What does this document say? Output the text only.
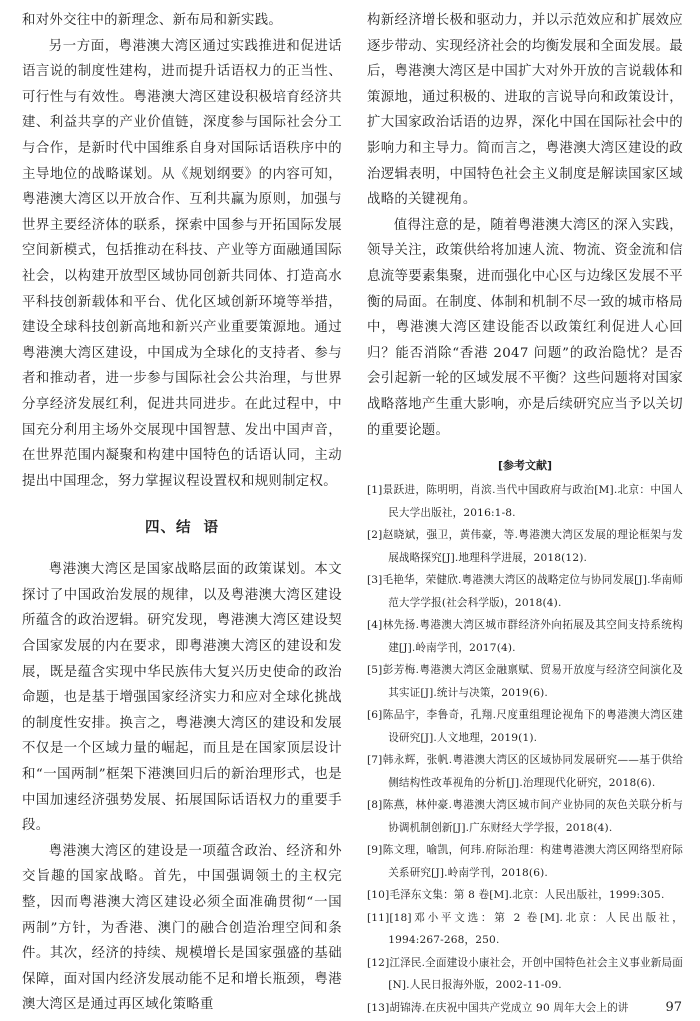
和对外交往中的新理念、新布局和新实践。

另一方面，粤港澳大湾区通过实践推进和促进话语言说的制度性建构，进而提升话语权力的正当性、可行性与有效性。粤港澳大湾区建设积极培育经济共建、利益共享的产业价值链，深度参与国际社会分工与合作，是新时代中国维系自身对国际话语秩序中的主导地位的战略谋划。从《规划纲要》的内容可知，粤港澳大湾区以开放合作、互利共赢为原则，加强与世界主要经济体的联系，探索中国参与开拓国际发展空间新模式，包括推动在科技、产业等方面融通国际社会，以构建开放型区域协同创新共同体、打造高水平科技创新载体和平台、优化区域创新环境等举措，建设全球科技创新高地和新兴产业重要策源地。通过粤港澳大湾区建设，中国成为全球化的支持者、参与者和推动者，进一步参与国际社会公共治理，与世界分享经济发展红利，促进共同进步。在此过程中，中国充分利用主场外交展现中国智慧、发出中国声音，在世界范围内凝聚和构建中国特色的话语认同，主动提出中国理念，努力掌握议程设置权和规则制定权。

四、结 语

粤港澳大湾区是国家战略层面的政策谋划。本文探讨了中国政治发展的规律，以及粤港澳大湾区建设所蕴含的政治逻辑。研究发现，粤港澳大湾区建设契合国家发展的内在要求，即粤港澳大湾区的建设和发展，既是蕴含实现中华民族伟大复兴历史使命的政治命题，也是基于增强国家经济实力和应对全球化挑战的制度性安排。换言之，粤港澳大湾区的建设和发展不仅是一个区域力量的崛起，而且是在国家顶层设计和“一国两制”框架下港澳回归后的新治理形式，也是中国加速经济强势发展、拓展国际话语权力的重要手段。

粤港澳大湾区的建设是一项蕴含政治、经济和外交旨趣的国家战略。首先，中国强调领土的主权完整，因而粤港澳大湾区建设必须全面准确贯彻“一国两制”方针，为香港、澳门的融合创造治理空间和条件。其次，经济的持续、规模增长是国家强盛的基础保障，面对国内经济发展动能不足和增长瓶颈，粤港澳大湾区是通过再区域化策略重

构新经济增长极和驱动力，并以示范效应和扩展效应逐步带动、实现经济社会的均衡发展和全面发展。最后，粤港澳大湾区是中国扩大对外开放的言说载体和策源地，通过积极的、进取的言说导向和政策设计，扩大国家政治话语的边界，深化中国在国际社会中的影响力和主导力。简而言之，粤港澳大湾区建设的政治逻辑表明，中国特色社会主义制度是解读国家区域战略的关键视角。

值得注意的是，随着粤港澳大湾区的深入实践，领导关注，政策供给将加速人流、物流、资金流和信息流等要素集聚，进而强化中心区与边缘区发展不平衡的局面。在制度、体制和机制不尽一致的城市格局中，粤港澳大湾区建设能否以政策红利促进人心回归？能否消除“香港 2047 问题”的政治隐忧？是否会引起新一轮的区域发展不平衡？这些问题将对国家战略落地产生重大影响，亦是后续研究应当予以关切的重要论题。

[参考文献]
[1]景跃进，陈明明，肖滨.当代中国政府与政治[M].北京：中国人民大学出版社，2016:1-8.
[2]赵晓斌，强卫，黄伟豪，等.粤港澳大湾区发展的理论框架与发展战略探究[J].地理科学进展，2018(12).
[3]毛艳华，荣健欣.粤港澳大湾区的战略定位与协同发展[J].华南师范大学学报(社会科学版)，2018(4).
[4]林先扬.粤港澳大湾区城市群经济外向拓展及其空间支持系统构建[J].岭南学刊，2017(4).
[5]彭芳梅.粤港澳大湾区金融禀赋、贸易开放度与经济空间演化及其实证[J].统计与决策，2019(6).
[6]陈品宇，李鲁奇，孔翔.尺度重组理论视角下的粤港澳大湾区建设研究[J].人文地理，2019(1).
[7]韩永辉，张帆.粤港澳大湾区的区域协同发展研究——基于供给侧结构性改革视角的分析[J].治理现代化研究，2018(6).
[8]陈燕，林仲豪.粤港澳大湾区城市间产业协同的灰色关联分析与协调机制创新[J].广东财经大学学报，2018(4).
[9]陈文理，喻凯，何玮.府际治理：构建粤港澳大湾区网络型府际关系研究[J].岭南学刊，2018(6).
[10]毛泽东文集：第 8 卷[M].北京：人民出版社，1999:305.
[11][18]邓小平文选：第 2 卷[M].北京：人民出版社，1994:267-268，250.
[12]江泽民.全面建设小康社会，开创中国特色社会主义事业新局面[N].人民日报海外版，2002-11-09.
[13]胡锦涛.在庆祝中国共产党成立 90 周年大会上的讲	97
